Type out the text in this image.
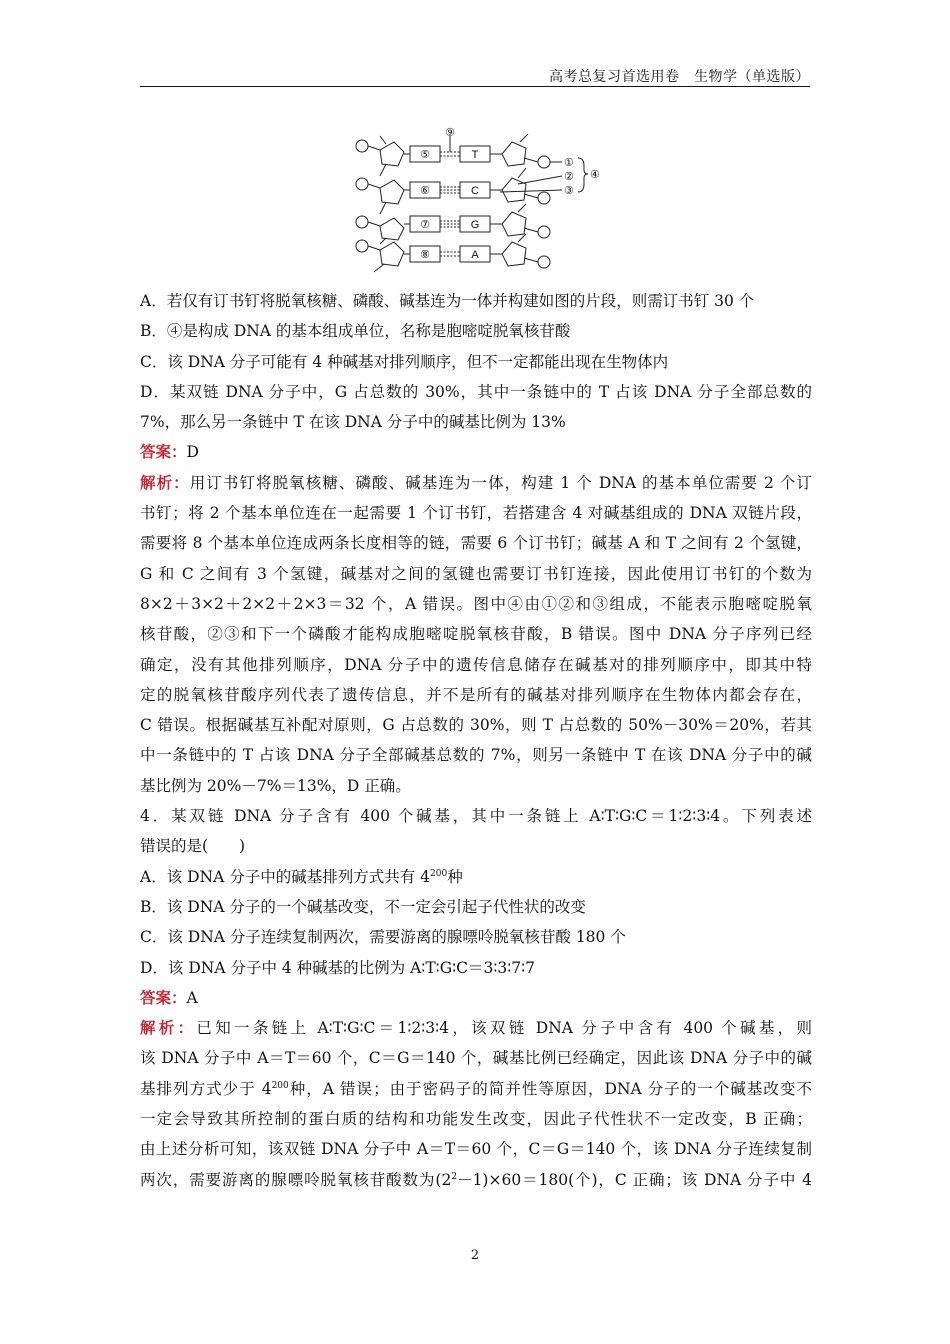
高考总复习首选用卷　生物学（单选版）
⑤
⑥
⑦
⑧
T
C
G
A
⑨
①
②
③
④
A．若仅有订书钉将脱氧核糖、磷酸、碱基连为一体并构建如图的片段，则需订书钉 30 个
B．④是构成 DNA 的基本组成单位，名称是胞嘧啶脱氧核苷酸
C．该 DNA 分子可能有 4 种碱基对排列顺序，但不一定都能出现在生物体内
D．某双链 DNA 分子中，G 占总数的 30%，其中一条链中的 T 占该 DNA 分子全部总数的
7%，那么另一条链中 T 在该 DNA 分子中的碱基比例为 13%
答案：D
解析：用订书钉将脱氧核糖、磷酸、碱基连为一体，构建 1 个 DNA 的基本单位需要 2 个订
书钉；将 2 个基本单位连在一起需要 1 个订书钉，若搭建含 4 对碱基组成的 DNA 双链片段，
需要将 8 个基本单位连成两条长度相等的链，需要 6 个订书钉；碱基 A 和 T 之间有 2 个氢键，
G 和 C 之间有 3 个氢键，碱基对之间的氢键也需要订书钉连接，因此使用订书钉的个数为
8×2＋3×2＋2×2＋2×3＝32 个，A 错误。图中④由①②和③组成，不能表示胞嘧啶脱氧
核苷酸，②③和下一个磷酸才能构成胞嘧啶脱氧核苷酸，B 错误。图中 DNA 分子序列已经
确定，没有其他排列顺序，DNA 分子中的遗传信息储存在碱基对的排列顺序中，即其中特
定的脱氧核苷酸序列代表了遗传信息，并不是所有的碱基对排列顺序在生物体内都会存在，
C 错误。根据碱基互补配对原则，G 占总数的 30%，则 T 占总数的 50%－30%＝20%，若其
中一条链中的 T 占该 DNA 分子全部碱基总数的 7%，则另一条链中 T 在该 DNA 分子中的碱
基比例为 20%－7%＝13%，D 正确。
4．某双链 DNA 分子含有 400 个碱基，其中一条链上 A∶T∶G∶C＝1∶2∶3∶4。下列表述
错误的是(　　)
A．该 DNA 分子中的碱基排列方式共有 $4^{200}$种
B．该 DNA 分子的一个碱基改变，不一定会引起子代性状的改变
C．该 DNA 分子连续复制两次，需要游离的腺嘌呤脱氧核苷酸 180 个
D．该 DNA 分子中 4 种碱基的比例为 A∶T∶G∶C＝3∶3∶7∶7
答案：A
解析：已知一条链上 A∶T∶G∶C＝1∶2∶3∶4，该双链 DNA 分子中含有 400 个碱基，则
该 DNA 分子中 A＝T＝60 个，C＝G＝140 个，碱基比例已经确定，因此该 DNA 分子中的碱
基排列方式少于 $4^{200}$种，A 错误；由于密码子的简并性等原因，DNA 分子的一个碱基改变不
一定会导致其所控制的蛋白质的结构和功能发生改变，因此子代性状不一定改变，B 正确；
由上述分析可知，该双链 DNA 分子中 A＝T＝60 个，C＝G＝140 个，该 DNA 分子连续复制
两次，需要游离的腺嘌呤脱氧核苷酸数为$(2^2-1)\times 60=180$(个)，C 正确；该 DNA 分子中 4
2
